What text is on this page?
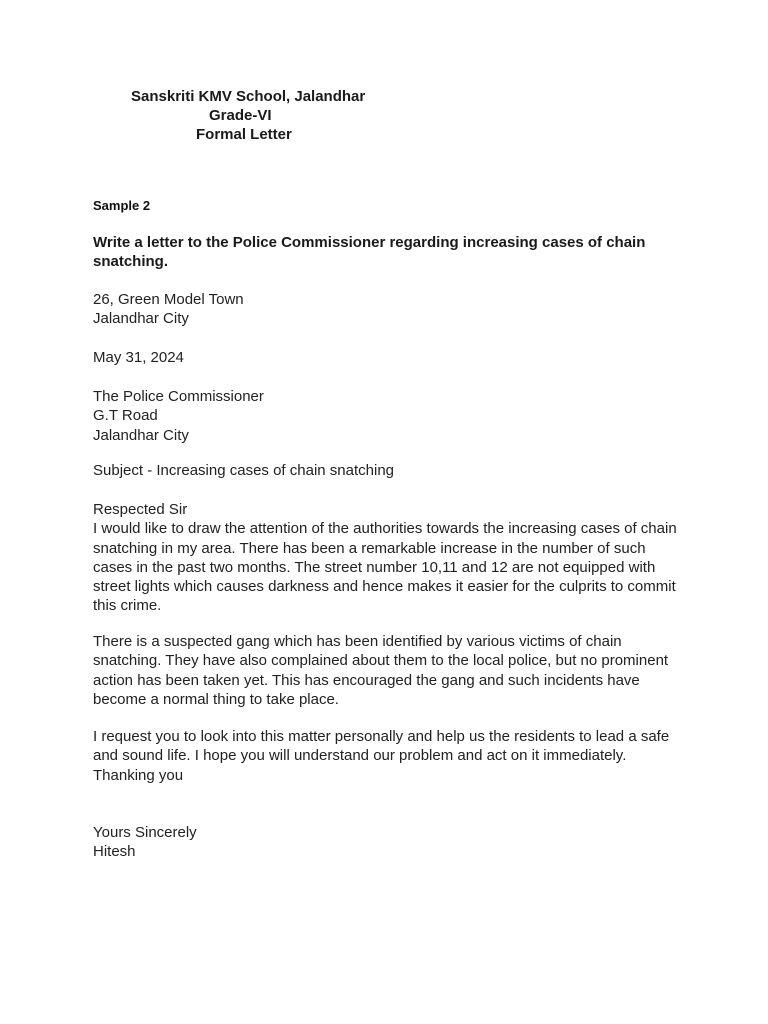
Sanskriti KMV School, Jalandhar
Grade-VI
Formal Letter
Sample 2
Write a letter to the Police Commissioner regarding increasing cases of chain snatching.
26, Green Model Town
Jalandhar City
May 31, 2024
The Police Commissioner
G.T Road
Jalandhar City
Subject - Increasing cases of chain snatching
Respected Sir

I would like to draw the attention of the authorities towards the increasing cases of chain snatching in my area. There has been a remarkable increase in the number of such cases in the past two months. The street number 10,11 and 12 are not equipped with street lights which causes darkness and hence makes it easier for the culprits to commit this crime.

There is a suspected gang which has been identified by various victims of chain snatching. They have also complained about them to the local police, but no prominent action has been taken yet. This has encouraged the gang and such incidents have become a normal thing to take place.

I request you to look into this matter personally and help us the residents to lead a safe and sound life. I hope you will understand our problem and act on it immediately.

Thanking you
Yours Sincerely
Hitesh
